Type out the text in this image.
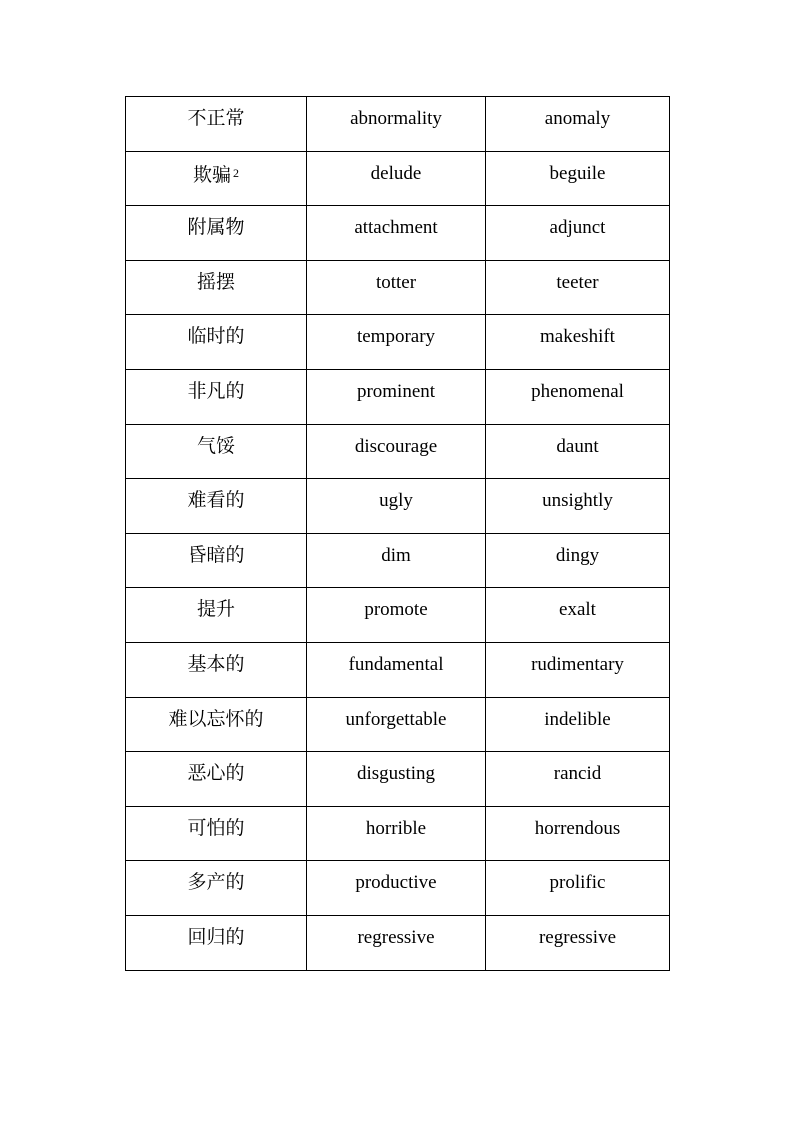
不正常	abnormality	anomaly

欺骗 $^2$	delude	beguile

附属物	attachment	adjunct

摇摆	totter	teeter

临时的	temporary	makeshift

非凡的	prominent	phenomenal

气馁	discourage	daunt

难看的	ugly	unsightly

昏暗的	dim	dingy

提升	promote	exalt

基本的	fundamental	rudimentary

难以忘怀的	unforgettable	indelible

恶心的	disgusting	rancid

可怕的	horrible	horrendous

多产的	productive	prolific

回归的	regressive	regressive
